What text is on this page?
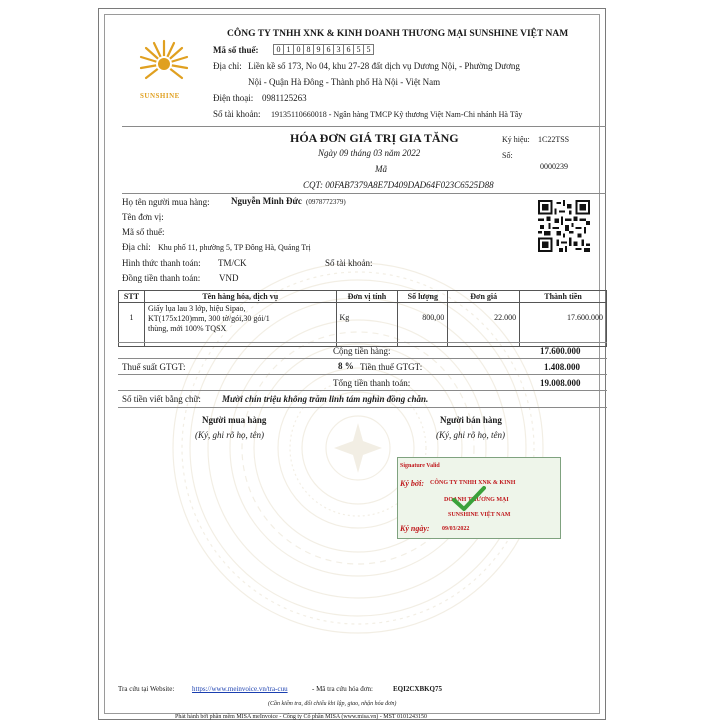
SUNSHINE
CÔNG TY TNHH XNK & KINH DOANH THƯƠNG MẠI SUNSHINE VIỆT NAM
Mã số thuế:	0 1 0 8 9 6 3 6 5 5
Địa chỉ: Liền kề số 173, No 04, khu 27-28 đất dịch vụ Dương Nội, - Phường Dương
Nội - Quận Hà Đông - Thành phố Hà Nội - Việt Nam
Điện thoại: 0981125263
Số tài khoản: 19135110660018 - Ngân hàng TMCP Kỹ thương Việt Nam-Chi nhánh Hà Tây
HÓA ĐƠN GIÁ TRỊ GIA TĂNG
Ngày 09 tháng 03 năm 2022
Mã
CQT: 00FAB7379A8E7D409DAD64F023C6525D88
Ký hiệu: 1C22TSS
Số:
0000239
Họ tên người mua hàng: Nguyễn Minh Đức (0978772379)
Tên đơn vị:
Mã số thuế:
Địa chỉ: Khu phố 11, phường 5, TP Đông Hà, Quảng Trị
Hình thức thanh toán: TM/CK	Số tài khoản:
Đồng tiền thanh toán: VND
STT	Tên hàng hóa, dịch vụ	Đơn vị tính	Số lượng	Đơn giá	Thành tiền
1	Giấy lụa lau 3 lớp, hiệu Sipao,
KT(175x120)mm, 300 tờ/gói,30 gói/1
thùng, mới 100% TQSX	Kg	800,00	22.000	17.600.000
Cộng tiền hàng:	17.600.000
Thuế suất GTGT:	8 % Tiền thuế GTGT:	1.408.000
Tổng tiền thanh toán:	19.008.000
Số tiền viết bằng chữ: Mười chín triệu không trăm linh tám nghìn đồng chẵn.
Người mua hàng
(Ký, ghi rõ họ, tên)
Người bán hàng
(Ký, ghi rõ họ, tên)
Signature Valid
Ký bởi: CÔNG TY TNHH XNK & KINH
DOANH THƯƠNG MẠI
SUNSHINE VIỆT NAM
Ký ngày: 09/03/2022
Tra cứu tại Website:	https://www.meinvoice.vn/tra-cuu	- Mã tra cứu hóa đơn:	EQI2CXBKQ75
(Cần kiểm tra, đối chiếu khi lập, giao, nhận hóa đơn)
Phát hành bởi phần mềm MISA meInvoice - Công ty Cổ phần MISA (www.misa.vn) - MST 0101243150
